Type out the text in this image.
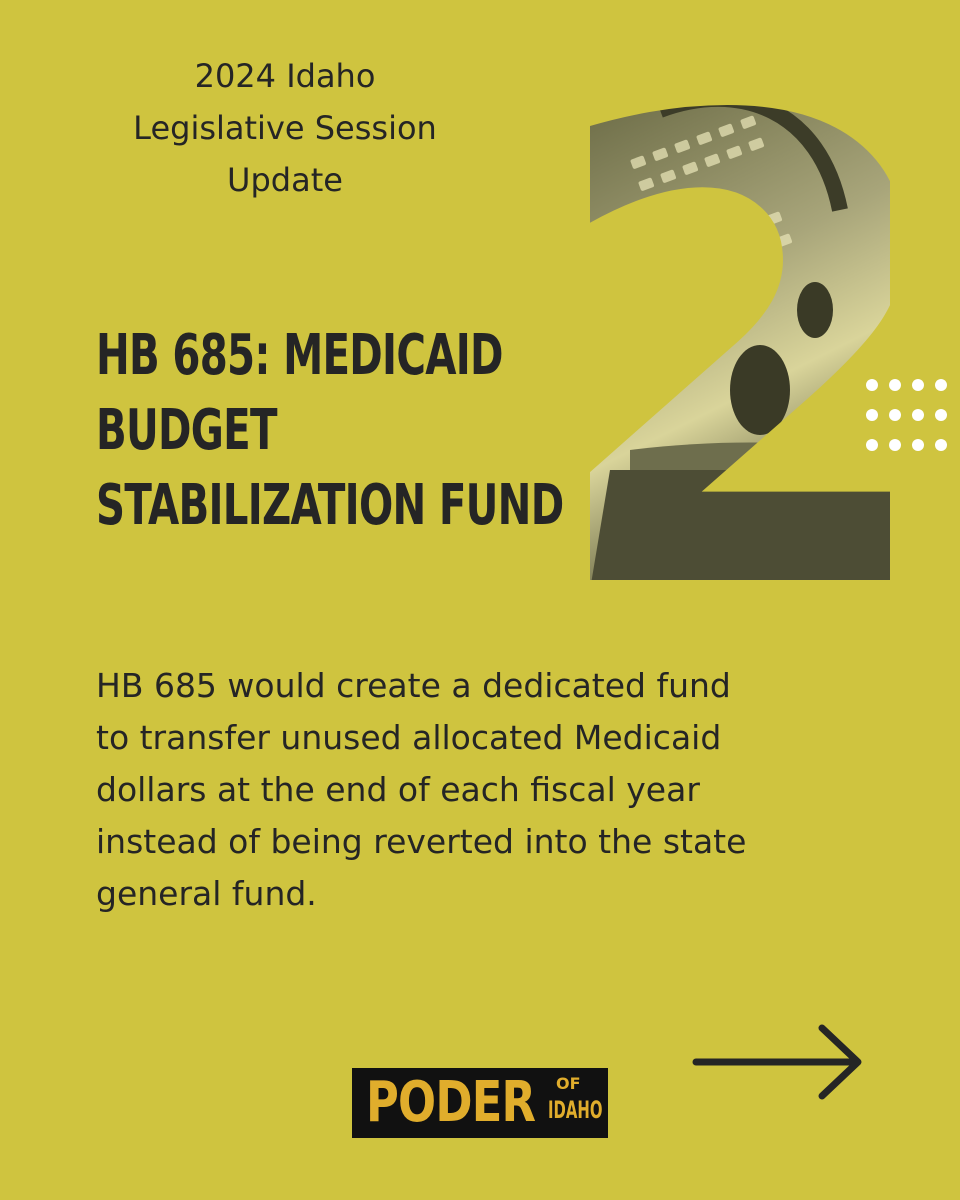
2024 Idaho
Legislative Session
Update
HB 685: MEDICAID
BUDGET
STABILIZATION FUND
HB 685 would create a dedicated fund
to transfer unused allocated Medicaid
dollars at the end of each fiscal year
instead of being reverted into the state
general fund.
PODER OF
IDAHO
